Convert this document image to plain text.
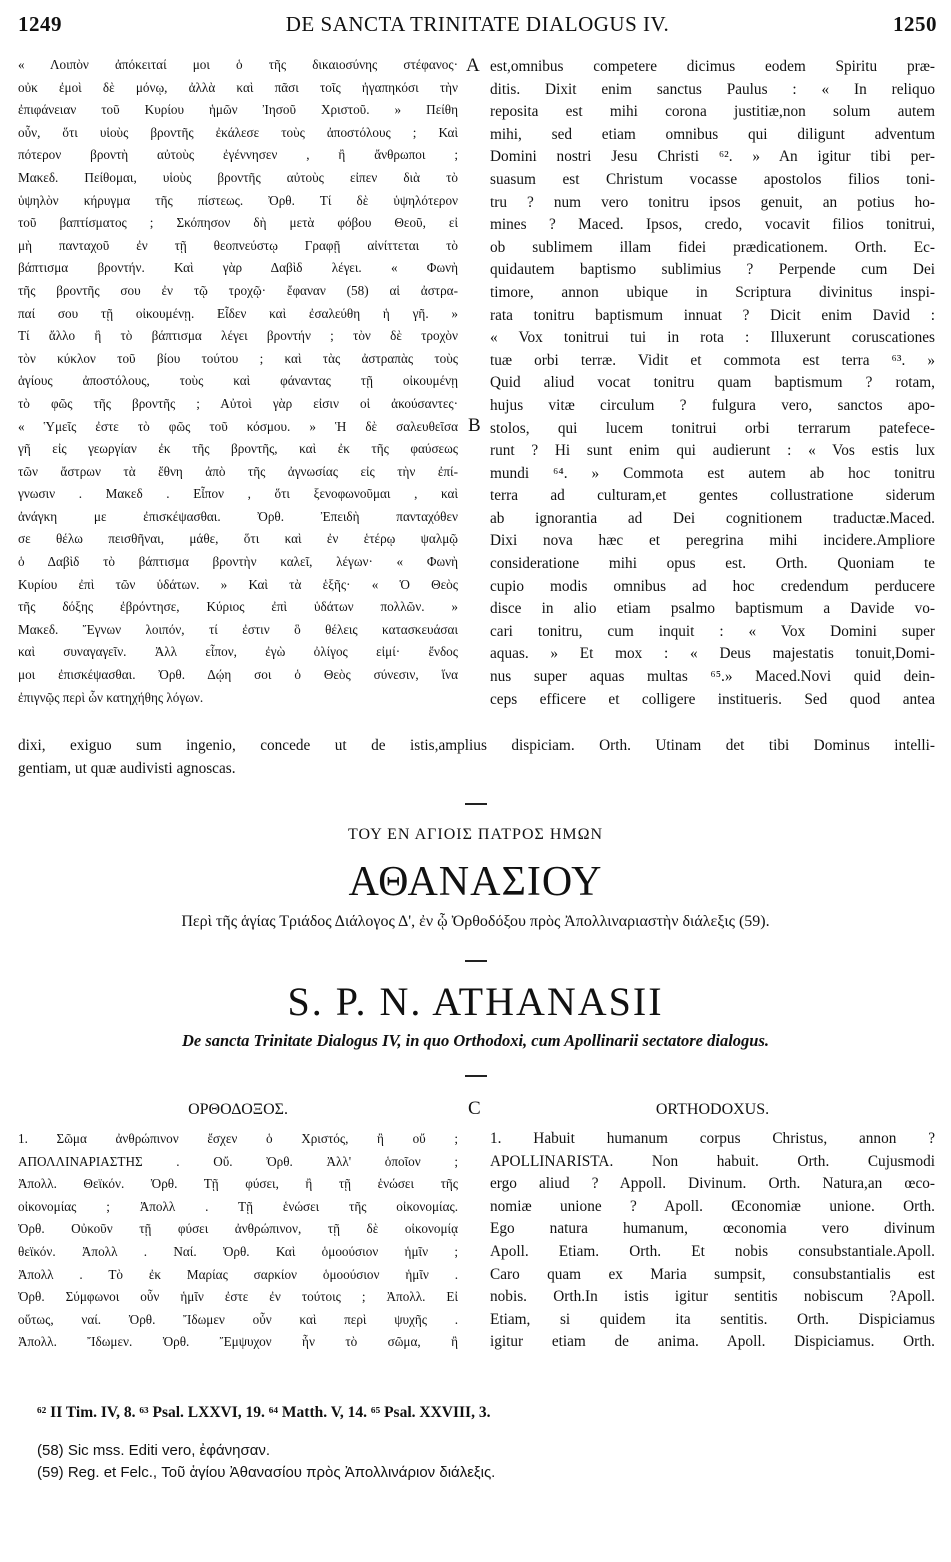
1249	DE SANCTA TRINITATE DIALOGUS IV.	1250
« Λοιπὸν ἀπόκειταί μοι ὁ τῆς δικαιοσύνης στέφανος·
οὐκ ἐμοὶ δὲ μόνῳ, ἀλλὰ καὶ πᾶσι τοῖς ἠγαπηκόσι τὴν
ἐπιφάνειαν τοῦ Κυρίου ἡμῶν Ἰησοῦ Χριστοῦ. » Πείθη
οὖν, ὅτι υἱοὺς βροντῆς ἐκάλεσε τοὺς ἀποστόλους ; Καὶ
πότερον βροντὴ αὐτοὺς ἐγέννησεν , ἢ ἄνθρωποι ;
Μακεδ. Πείθομαι, υἱοὺς βροντῆς αὐτοὺς εἰπεν διὰ τὸ
ὑψηλὸν κήρυγμα τῆς πίστεως. Ὀρθ. Τί δὲ ὑψηλότερον
τοῦ βαπτίσματος ; Σκόπησον δὴ μετὰ φόβου Θεοῦ, εἰ
μὴ πανταχοῦ ἐν τῇ θεοπνεύστῳ Γραφῇ αἰνίττεται τὸ
βάπτισμα βροντήν. Καὶ γὰρ Δαβὶδ λέγει. « Φωνὴ
τῆς βροντῆς σου ἐν τῷ τροχῷ· ἔφαναν (58) αἱ ἀστρα-
παί σου τῇ οἰκουμένῃ. Εἶδεν καὶ ἐσαλεύθη ἡ γῆ. »
Τί ἄλλο ἢ τὸ βάπτισμα λέγει βροντήν ; τὸν δὲ τροχὸν
τὸν κύκλον τοῦ βίου τούτου ; καὶ τὰς ἀστραπὰς τοὺς
ἁγίους ἀποστόλους, τοὺς καὶ φάναντας τῇ οἰκουμένῃ
τὸ φῶς τῆς βροντῆς ; Αὐτοὶ γὰρ εἰσιν οἱ ἀκούσαντες·
« Ὑμεῖς ἐστε τὸ φῶς τοῦ κόσμου. » Ἡ δὲ σαλευθεῖσα
γῆ εἰς γεωργίαν ἐκ τῆς βροντῆς, καὶ ἐκ τῆς φαύσεως
τῶν ἄστρων τὰ ἔθνη ἀπὸ τῆς ἀγνωσίας εἰς τὴν ἐπί-
γνωσιν . Μακεδ . Εἶπον , ὅτι ξενοφωνοῦμαι , καὶ
ἀνάγκη με ἐπισκέψασθαι. Ὀρθ. Ἐπειδὴ πανταχόθεν
σε θέλω πεισθῆναι, μάθε, ὅτι καὶ ἐν ἑτέρῳ ψαλμῷ
ὁ Δαβὶδ τὸ βάπτισμα βροντὴν καλεῖ, λέγων· « Φωνὴ
Κυρίου ἐπὶ τῶν ὑδάτων. » Καὶ τὰ ἑξῆς· « Ὁ Θεὸς
τῆς δόξης ἐβρόντησε, Κύριος ἐπὶ ὑδάτων πολλῶν. »
Μακεδ. Ἔγνων λοιπόν, τί ἐστιν ὃ θέλεις κατασκευάσαι
καὶ συναγαγεῖν. Ἀλλ εἶπον, ἐγὼ ὀλίγος εἰμί· ἔνδος
μοι ἐπισκέψασθαι. Ὀρθ. Δῴη σοι ὁ Θεὸς σύνεσιν, ἵνα
ἐπιγνῷς περὶ ὧν κατηχήθης λόγων.
est,omnibus competere dicimus eodem Spiritu præ-
ditis. Dixit enim sanctus Paulus : « In reliquo
reposita est mihi corona justitiæ,non solum autem
mihi, sed etiam omnibus qui diligunt adventum
Domini nostri Jesu Christi ⁶². » An igitur tibi per-
suasum est Christum vocasse apostolos filios toni-
tru ? num vero tonitru ipsos genuit, an potius ho-
mines ? Maced. Ipsos, credo, vocavit filios tonitrui,
ob sublimem illam fidei prædicationem. Orth. Ec-
quidautem baptismo sublimius ? Perpende cum Dei
timore, annon ubique in Scriptura divinitus inspi-
rata tonitru baptismum innuat ? Dicit enim David :
« Vox tonitrui tui in rota : Illuxerunt coruscationes
tuæ orbi terræ. Vidit et commota est terra ⁶³. »
Quid aliud vocat tonitru quam baptismum ? rotam,
hujus vitæ circulum ? fulgura vero, sanctos apo-
stolos, qui lucem tonitrui orbi terrarum patefece-
runt ? Hi sunt enim qui audierunt : « Vos estis lux
mundi ⁶⁴. » Commota est autem ab hoc tonitru
terra ad culturam,et gentes collustratione siderum
ab ignorantia ad Dei cognitionem traductæ.Maced.
Dixi nova hæc et peregrina mihi incidere.Ampliore
consideratione mihi opus est. Orth. Quoniam te
cupio modis omnibus ad hoc credendum perducere
disce in alio etiam psalmo baptismum a Davide vo-
cari tonitru, cum inquit : « Vox Domini super
aquas. » Et mox : « Deus majestatis tonuit,Domi-
nus super aquas multas ⁶⁵.» Maced.Novi quid dein-
ceps efficere et colligere institueris. Sed quod antea
A
B
dixi, exiguo sum ingenio, concede ut de istis,amplius dispiciam. Orth. Utinam det tibi Dominus intelli-
gentiam, ut quæ audivisti agnoscas.
ΤΟΥ ΕΝ ΑΓΙΟΙΣ ΠΑΤΡΟΣ ΗΜΩΝ
ΑΘΑΝΑΣΙΟΥ
Περὶ τῆς ἁγίας Τριάδος Διάλογος Δ', ἐν ᾧ Ὀρθοδόξου πρὸς Ἀπολλιναριαστὴν διάλεξις (59).
S. P. N. ATHANASII
De sancta Trinitate Dialogus IV, in quo Orthodoxi, cum Apollinarii sectatore dialogus.
ΟΡΘΟΔΟΞΟΣ.	C	ORTHODOXUS.
1. Σῶμα ἀνθρώπινον ἔσχεν ὁ Χριστός, ἢ οὔ ;
ΑΠΟΛΛΙΝΑΡΙΑΣΤΗΣ . Οὔ. Ὀρθ. Ἀλλ' ὁποῖον ;
Ἀπολλ. Θεϊκόν. Ὀρθ. Τῇ φύσει, ἢ τῇ ἑνώσει τῆς
οἰκονομίας ; Ἀπολλ . Τῇ ἑνώσει τῆς οἰκονομίας.
Ὀρθ. Οὐκοῦν τῇ φύσει ἀνθρώπινον, τῇ δὲ οἰκονομίᾳ
θεϊκόν. Ἀπολλ . Ναί. Ὀρθ. Καὶ ὁμοούσιον ἡμῖν ;
Ἀπολλ . Τὸ ἐκ Μαρίας σαρκίον ὁμοούσιον ἡμῖν .
Ὀρθ. Σύμφωνοι οὖν ἡμῖν ἐστε ἐν τούτοις ; Ἀπολλ. Εἰ
οὕτως, ναί. Ὀρθ. Ἴδωμεν οὖν καὶ περὶ ψυχῆς .
Ἀπολλ. Ἴδωμεν. Ὀρθ. Ἔμψυχον ἦν τὸ σῶμα, ἢ
1. Habuit humanum corpus Christus, annon ?
APOLLINARISTA. Non habuit. Orth. Cujusmodi
ergo aliud ? Appoll. Divinum. Orth. Natura,an œco-
nomiæ unione ? Apoll. Œconomiæ unione. Orth.
Ego natura humanum, œconomia vero divinum
Apoll. Etiam. Orth. Et nobis consubstantiale.Apoll.
Caro quam ex Maria sumpsit, consubstantialis est
nobis. Orth.In istis igitur sentitis nobiscum ?Apoll.
Etiam, si quidem ita sentitis. Orth. Dispiciamus
igitur etiam de anima. Apoll. Dispiciamus. Orth.
⁶² II Tim. IV, 8. ⁶³ Psal. LXXVI, 19. ⁶⁴ Matth. V, 14. ⁶⁵ Psal. XXVIII, 3.
(58) Sic mss. Editi vero, ἐφάνησαν.
(59) Reg. et Felc., Τοῦ ἁγίου Ἀθανασίου πρὸς Ἀπολλινάριον διάλεξις.
